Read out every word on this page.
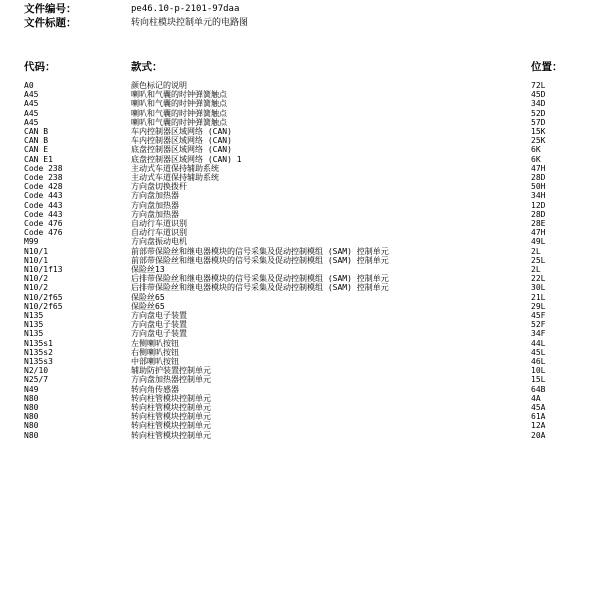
文件编号：	pe46.10-p-2101-97daa
文件标题：	转向柱模块控制单元的电路图
代码：	款式：	位置：
A0	颜色标记的说明	72L
A45	喇叭和气囊的时钟弹簧触点	45D
A45	喇叭和气囊的时钟弹簧触点	34D
A45	喇叭和气囊的时钟弹簧触点	52D
A45	喇叭和气囊的时钟弹簧触点	57D
CAN B	车内控制器区域网络 (CAN)	15K
CAN B	车内控制器区域网络 (CAN)	25K
CAN E	底盘控制器区域网络 (CAN)	6K
CAN E1	底盘控制器区域网络 (CAN) 1	6K
Code 238	主动式车道保持辅助系统	47H
Code 238	主动式车道保持辅助系统	28D
Code 428	方向盘切换拨杆	50H
Code 443	方向盘加热器	34H
Code 443	方向盘加热器	12D
Code 443	方向盘加热器	28D
Code 476	自动行车道识别	28E
Code 476	自动行车道识别	47H
M99	方向盘振动电机	49L
N10/1	前部带保险丝和继电器模块的信号采集及促动控制模组 (SAM) 控制单元	2L
N10/1	前部带保险丝和继电器模块的信号采集及促动控制模组 (SAM) 控制单元	25L
N10/1f13	保险丝13	2L
N10/2	后排带保险丝和继电器模块的信号采集及促动控制模组 (SAM) 控制单元	22L
N10/2	后排带保险丝和继电器模块的信号采集及促动控制模组 (SAM) 控制单元	30L
N10/2f65	保险丝65	21L
N10/2f65	保险丝65	29L
N135	方向盘电子装置	45F
N135	方向盘电子装置	52F
N135	方向盘电子装置	34F
N135s1	左侧喇叭按钮	44L
N135s2	右侧喇叭按钮	45L
N135s3	中部喇叭按钮	46L
N2/10	辅助防护装置控制单元	10L
N25/7	方向盘加热器控制单元	15L
N49	转向角传感器	64B
N80	转向柱管模块控制单元	4A
N80	转向柱管模块控制单元	45A
N80	转向柱管模块控制单元	61A
N80	转向柱管模块控制单元	12A
N80	转向柱管模块控制单元	20A
